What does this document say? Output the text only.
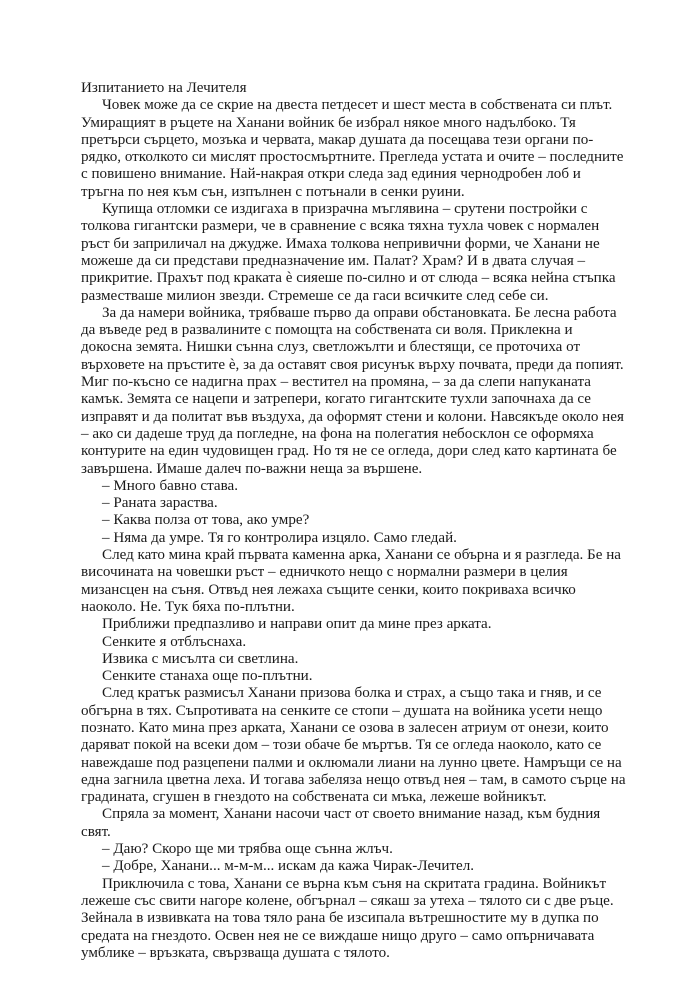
Изпитанието на Лечителя
Човек може да се скрие на двеста петдесет и шест места в собствената си плът. Умиращият в ръцете на Ханани войник бе избрал някое много надълбоко. Тя претърси сърцето, мозъка и червата, макар душата да посещава тези органи по-рядко, отколкото си мислят простосмъртните. Прегледа устата и очите – последните с повишено внимание. Най-накрая откри следа зад единия чернодробен лоб и тръгна по нея към сън, изпълнен с потънали в сенки руини.
Купища отломки се издигаха в призрачна мъглявина – срутени постройки с толкова гигантски размери, че в сравнение с всяка тяхна тухла човек с нормален ръст би заприличал на джудже. Имаха толкова непривични форми, че Ханани не можеше да си представи предназначение им. Палат? Храм? И в двата случая – прикритие. Прахът под краката ѐ сияеше по-силно и от слюда – всяка нейна стъпка разместваше милион звезди. Стремеше се да гаси всичките след себе си.
За да намери войника, трябваше първо да оправи обстановката. Бе лесна работа да въведе ред в развалините с помощта на собствената си воля. Приклекна и докосна земята. Нишки сънна слуз, светложълти и блестящи, се проточиха от върховете на пръстите ѐ, за да оставят своя рисунък върху почвата, преди да попият. Миг по-късно се надигна прах – вестител на промяна, – за да слепи напуканата камък. Земята се нацепи и затрепери, когато гигантските тухли започнаха да се изправят и да политат във въздуха, да оформят стени и колони. Навсякъде около нея – ако си дадеше труд да погледне, на фона на полегатия небосклон се оформяха контурите на един чудовищен град. Но тя не се огледа, дори след като картината бе завършена. Имаше далеч по-важни неща за вършене.
– Много бавно става.
– Раната зараства.
– Каква полза от това, ако умре?
– Няма да умре. Тя го контролира изцяло. Само гледай.
След като мина край първата каменна арка, Ханани се обърна и я разгледа. Бе на височината на човешки ръст – едничкото нещо с нормални размери в целия мизансцен на съня. Отвъд нея лежаха същите сенки, които покриваха всичко наоколо. Не. Тук бяха по-плътни.
Приближи предпазливо и направи опит да мине през арката.
Сенките я отблъснаха.
Извика с мисълта си светлина.
Сенките станаха още по-плътни.
След кратък размисъл Ханани призова болка и страх, а също така и гняв, и се обгърна в тях. Съпротивата на сенките се стопи – душата на войника усети нещо познато. Като мина през арката, Ханани се озова в залесен атриум от онези, които даряват покой на всеки дом – този обаче бе мъртъв. Тя се огледа наоколо, като се навеждаше под разцепени палми и оклюмали лиани на лунно цвете. Намръщи се на една загнила цветна леха. И тогава забеляза нещо отвъд нея – там, в самото сърце на градината, сгушен в гнездото на собствената си мъка, лежеше войникът.
Спряла за момент, Ханани насочи част от своето внимание назад, към будния свят.
– Даю? Скоро ще ми трябва още сънна жлъч.
– Добре, Ханани... м-м-м... искам да кажа Чирак-Лечител.
Приключила с това, Ханани се върна към съня на скритата градина. Войникът лежеше със свити нагоре колене, обгърнал – сякаш за утеха – тялото си с две ръце. Зейнала в извивката на това тяло рана бе изсипала вътрешностите му в дупка по средата на гнездото. Освен нея не се виждаше нищо друго – само опърничавата умблике – връзката, свързваща душата с тялото.
